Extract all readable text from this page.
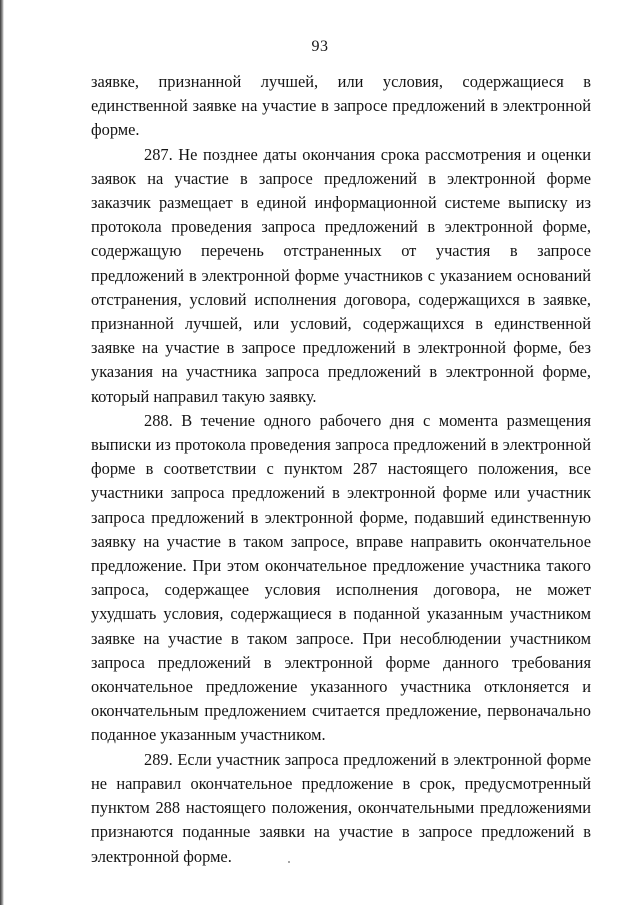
93

заявке, признанной лучшей, или условия, содержащиеся в единственной заявке на участие в запросе предложений в электронной форме.

287. Не позднее даты окончания срока рассмотрения и оценки заявок на участие в запросе предложений в электронной форме заказчик размещает в единой информационной системе выписку из протокола проведения запроса предложений в электронной форме, содержащую перечень отстраненных от участия в запросе предложений в электронной форме участников с указанием оснований отстранения, условий исполнения договора, содержащихся в заявке, признанной лучшей, или условий, содержащихся в единственной заявке на участие в запросе предложений в электронной форме, без указания на участника запроса предложений в электронной форме, который направил такую заявку.

288. В течение одного рабочего дня с момента размещения выписки из протокола проведения запроса предложений в электронной форме в соответствии с пунктом 287 настоящего положения, все участники запроса предложений в электронной форме или участник запроса предложений в электронной форме, подавший единственную заявку на участие в таком запросе, вправе направить окончательное предложение. При этом окончательное предложение участника такого запроса, содержащее условия исполнения договора, не может ухудшать условия, содержащиеся в поданной указанным участником заявке на участие в таком запросе. При несоблюдении участником запроса предложений в электронной форме данного требования окончательное предложение указанного участника отклоняется и окончательным предложением считается предложение, первоначально поданное указанным участником.

289. Если участник запроса предложений в электронной форме не направил окончательное предложение в срок, предусмотренный пунктом 288 настоящего положения, окончательными предложениями признаются поданные заявки на участие в запросе предложений в электронной форме.
